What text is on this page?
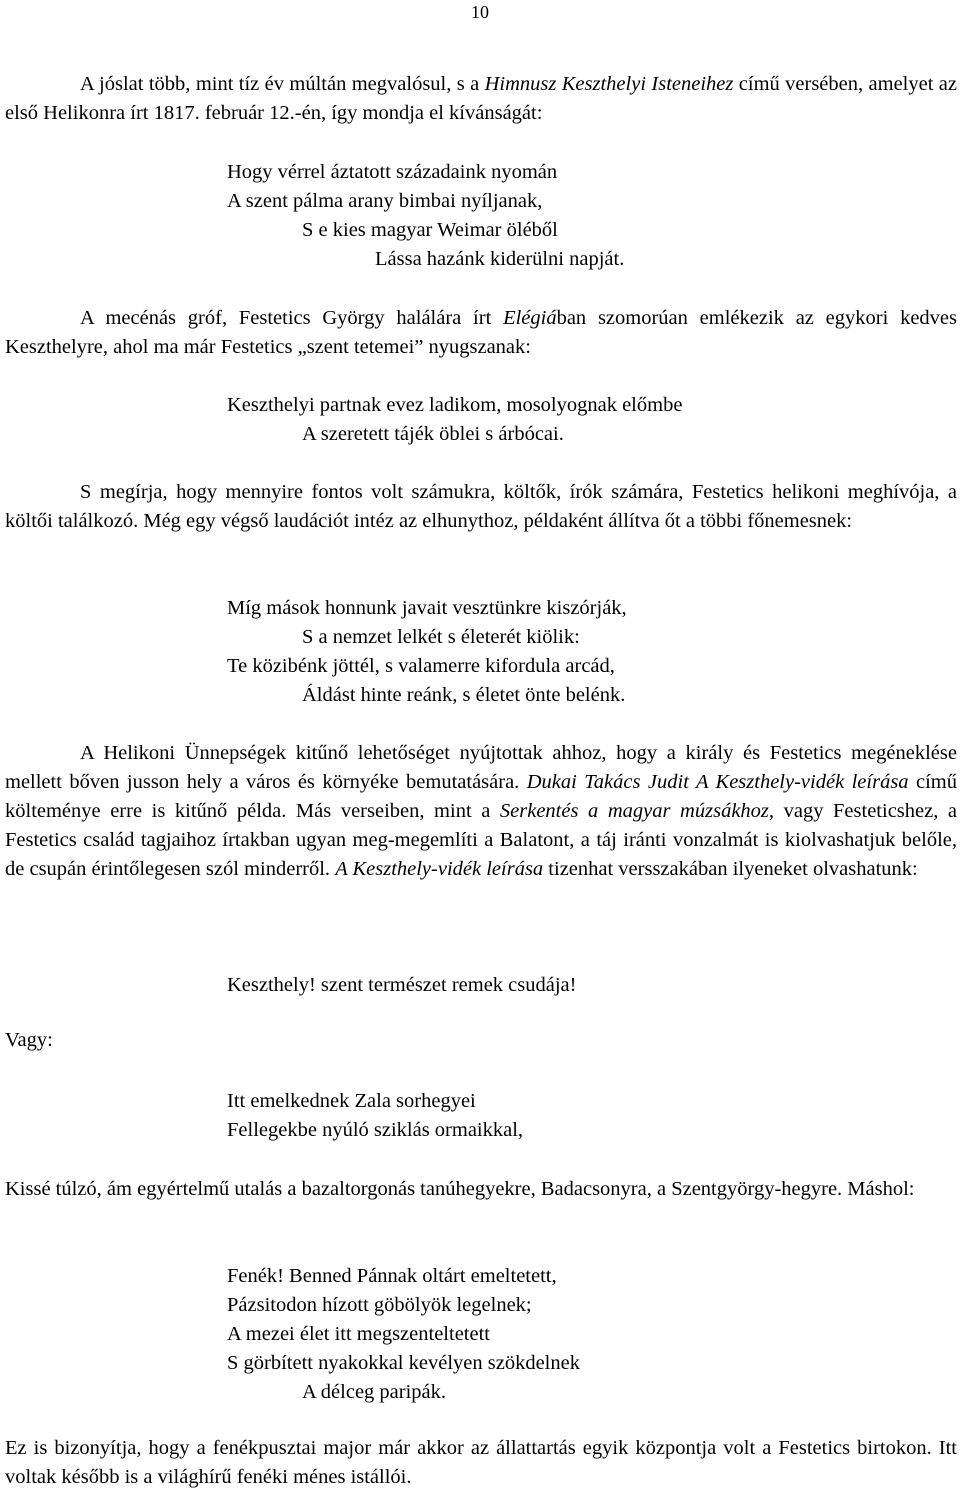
10
A jóslat több, mint tíz év múltán megvalósul, s a Himnusz Keszthelyi Isteneihez című versében, amelyet az első Helikonra írt 1817. február 12.-én, így mondja el kívánságát:
Hogy vérrel áztatott századaink nyomán
A szent pálma arany bimbai nyíljanak,
S e kies magyar Weimar öléből
Lássa hazánk kiderülni napját.
A mecénás gróf, Festetics György halálára írt Elégiában szomorúan emlékezik az egykori kedves Keszthelyre, ahol ma már Festetics „szent tetemei” nyugszanak:
Keszthelyi partnak evez ladikom, mosolyognak előmbe
A szeretett tájék öblei s árbócai.
S megírja, hogy mennyire fontos volt számukra, költők, írók számára, Festetics helikoni meghívója, a költői találkozó. Még egy végső laudációt intéz az elhunythoz, példaként állítva őt a többi főnemesnek:
Míg mások honnunk javait vesztünkre kiszórják,
S a nemzet lelkét s életerét kiölik:
Te közibénk jöttél, s valamerre kifordula arcád,
Áldást hinte reánk, s életet önte belénk.
A Helikoni Ünnepségek kitűnő lehetőséget nyújtottak ahhoz, hogy a király és Festetics megéneklése mellett bőven jusson hely a város és környéke bemutatására. Dukai Takács Judit A Keszthely-vidék leírása című költeménye erre is kitűnő példa. Más verseiben, mint a Serkentés a magyar múzsákhoz, vagy Festeticshez, a Festetics család tagjaihoz írtakban ugyan meg-megemlíti a Balatont, a táj iránti vonzalmát is kiolvashatjuk belőle, de csupán érintőlegesen szól minderről. A Keszthely-vidék leírása tizenhat versszakában ilyeneket olvashatunk:
Keszthely! szent természet remek csudája!
Vagy:
Itt emelkednek Zala sorhegyei
Fellegekbe nyúló sziklás ormaikkal,
Kissé túlzó, ám egyértelmű utalás a bazaltorgonás tanúhegyekre, Badacsonyra, a Szentgyörgy-hegyre. Máshol:
Fenék! Benned Pánnak oltárt emeltetett,
Pázsitodon hízott göbölyök legelnek;
A mezei élet itt megszenteltetett
S görbített nyakokkal kevélyen szökdelnek
A délceg paripák.
Ez is bizonyítja, hogy a fenékpusztai major már akkor az állattartás egyik központja volt a Festetics birtokon. Itt voltak később is a világhírű fenéki ménes istállói.
